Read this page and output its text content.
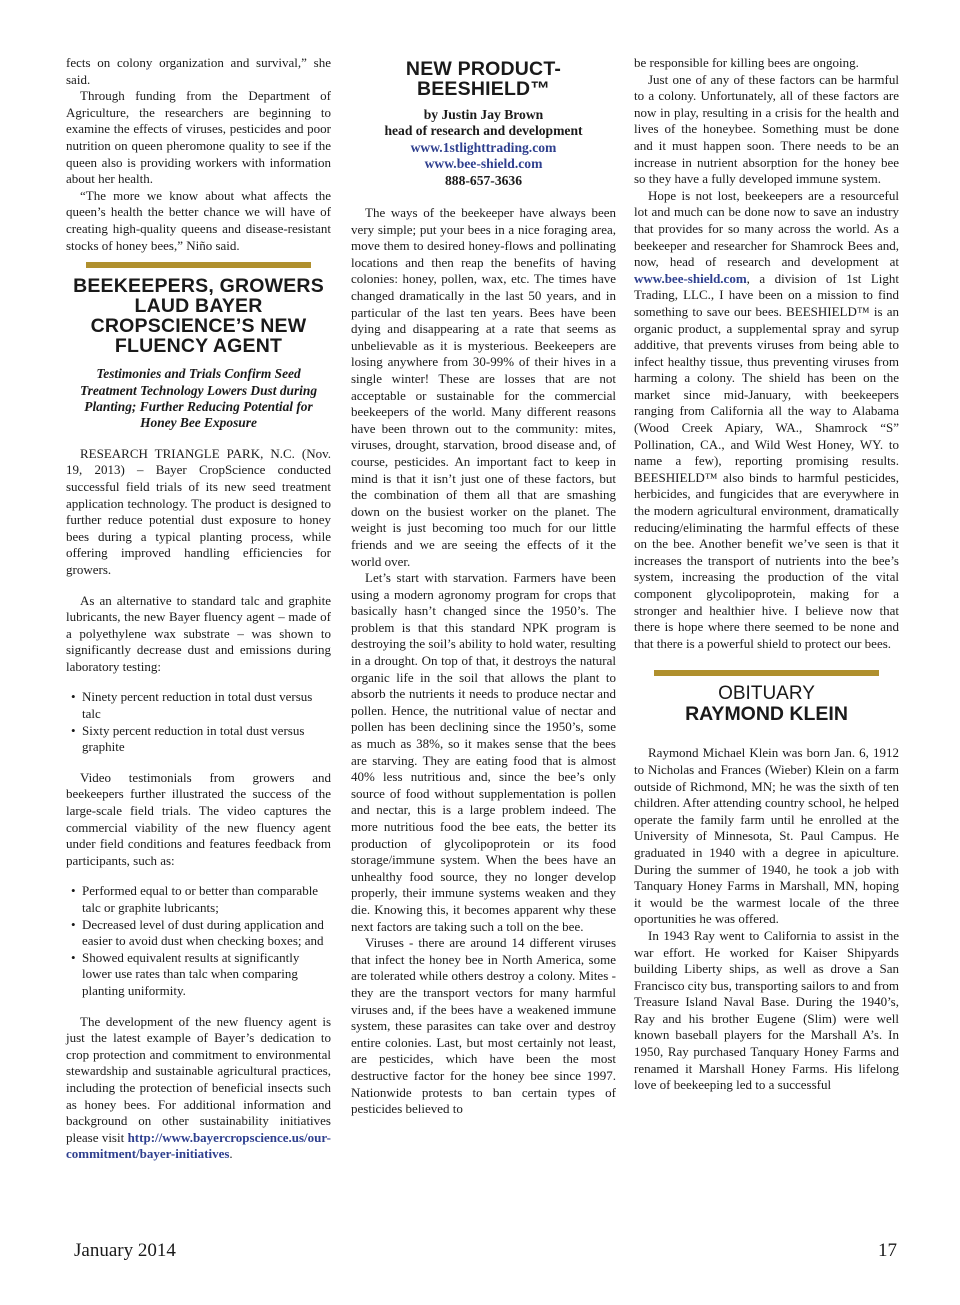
fects on colony organization and survival,” she said.

Through funding from the Department of Agriculture, the researchers are beginning to examine the effects of viruses, pesticides and poor nutrition on queen pheromone quality to see if the queen also is providing workers with information about her health.

“The more we know about what affects the queen’s health the better chance we will have of creating high-quality queens and disease-resistant stocks of honey bees,” Niño said.

BEEKEEPERS, GROWERS LAUD BAYER CROPSCIENCE’S NEW FLUENCY AGENT
Testimonies and Trials Confirm Seed Treatment Technology Lowers Dust during Planting; Further Reducing Potential for Honey Bee Exposure

RESEARCH TRIANGLE PARK, N.C. (Nov. 19, 2013) – Bayer CropScience conducted successful field trials of its new seed treatment application technology. The product is designed to further reduce potential dust exposure to honey bees during a typical planting process, while offering improved handling efficiencies for growers.

As an alternative to standard talc and graphite lubricants, the new Bayer fluency agent – made of a polyethylene wax substrate – was shown to significantly decrease dust and emissions during laboratory testing:

• Ninety percent reduction in total dust versus talc
• Sixty percent reduction in total dust versus graphite

Video testimonials from growers and beekeepers further illustrated the success of the large-scale field trials. The video captures the commercial viability of the new fluency agent under field conditions and features feedback from participants, such as:

• Performed equal to or better than comparable talc or graphite lubricants;
• Decreased level of dust during application and easier to avoid dust when checking boxes; and
• Showed equivalent results at significantly lower use rates than talc when comparing planting uniformity.

The development of the new fluency agent is just the latest example of Bayer’s dedication to crop protection and commitment to environmental stewardship and sustainable agricultural practices, including the protection of beneficial insects such as honey bees. For additional information and background on other sustainability initiatives please visit http://www.bayercropscience.us/our-commitment/bayer-initiatives.

NEW PRODUCT-BEESHIELD™
by Justin Jay Brown
head of research and development
www.1stlighttrading.com
www.bee-shield.com
888-657-3636

The ways of the beekeeper have always been very simple; put your bees in a nice foraging area, move them to desired honey-flows and pollinating locations and then reap the benefits of having colonies: honey, pollen, wax, etc. The times have changed dramatically in the last 50 years, and in particular of the last ten years. Bees have been dying and disappearing at a rate that seems as unbelievable as it is mysterious. Beekeepers are losing anywhere from 30-99% of their hives in a single winter! These are losses that are not acceptable or sustainable for the commercial beekeepers of the world. Many different reasons have been thrown out to the community: mites, viruses, drought, starvation, brood disease and, of course, pesticides. An important fact to keep in mind is that it isn’t just one of these factors, but the combination of them all that are smashing down on the busiest worker on the planet. The weight is just becoming too much for our little friends and we are seeing the effects of it the world over.

Let’s start with starvation. Farmers have been using a modern agronomy program for crops that basically hasn’t changed since the 1950’s. The problem is that this standard NPK program is destroying the soil’s ability to hold water, resulting in a drought. On top of that, it destroys the natural organic life in the soil that allows the plant to absorb the nutrients it needs to produce nectar and pollen. Hence, the nutritional value of nectar and pollen has been declining since the 1950’s, some as much as 38%, so it makes sense that the bees are starving. They are eating food that is almost 40% less nutritious and, since the bee’s only source of food without supplementation is pollen and nectar, this is a large problem indeed. The more nutritious food the bee eats, the better its production of glycolipoprotein or its food storage/immune system. When the bees have an unhealthy food source, they no longer develop properly, their immune systems weaken and they die. Knowing this, it becomes apparent why these next factors are taking such a toll on the bee.

Viruses - there are around 14 different viruses that infect the honey bee in North America, some are tolerated while others destroy a colony. Mites - they are the transport vectors for many harmful viruses and, if the bees have a weakened immune system, these parasites can take over and destroy entire colonies. Last, but most certainly not least, are pesticides, which have been the most destructive factor for the honey bee since 1997. Nationwide protests to ban certain types of pesticides believed to

be responsible for killing bees are ongoing.

Just one of any of these factors can be harmful to a colony. Unfortunately, all of these factors are now in play, resulting in a crisis for the health and lives of the honeybee. Something must be done and it must happen soon. There needs to be an increase in nutrient absorption for the honey bee so they have a fully developed immune system.

Hope is not lost, beekeepers are a resourceful lot and much can be done now to save an industry that provides for so many across the world. As a beekeeper and researcher for Shamrock Bees and, now, head of research and development at www.bee-shield.com, a division of 1st Light Trading, LLC., I have been on a mission to find something to save our bees. BEESHIELD™ is an organic product, a supplemental spray and syrup additive, that prevents viruses from being able to infect healthy tissue, thus preventing viruses from harming a colony. The shield has been on the market since mid-January, with beekeepers ranging from California all the way to Alabama (Wood Creek Apiary, WA., Shamrock “S” Pollination, CA., and Wild West Honey, WY. to name a few), reporting promising results. BEESHIELD™ also binds to harmful pesticides, herbicides, and fungicides that are everywhere in the modern agricultural environment, dramatically reducing/eliminating the harmful effects of these on the bee. Another benefit we’ve seen is that it increases the transport of nutrients into the bee’s system, increasing the production of the vital component glycolipoprotein, making for a stronger and healthier hive. I believe now that there is hope where there seemed to be none and that there is a powerful shield to protect our bees.

OBITUARY
RAYMOND KLEIN

Raymond Michael Klein was born Jan. 6, 1912 to Nicholas and Frances (Wieber) Klein on a farm outside of Richmond, MN; he was the sixth of ten children. After attending country school, he helped operate the family farm until he enrolled at the University of Minnesota, St. Paul Campus. He graduated in 1940 with a degree in apiculture. During the summer of 1940, he took a job with Tanquary Honey Farms in Marshall, MN, hoping it would be the warmest locale of the three oportunities he was offered.

In 1943 Ray went to California to assist in the war effort. He worked for Kaiser Shipyards building Liberty ships, as well as drove a San Francisco city bus, transporting sailors to and from Treasure Island Naval Base. During the 1940’s, Ray and his brother Eugene (Slim) were well known baseball players for the Marshall A’s. In 1950, Ray purchased Tanquary Honey Farms and renamed it Marshall Honey Farms. His lifelong love of beekeeping led to a successful

January 2014	17
